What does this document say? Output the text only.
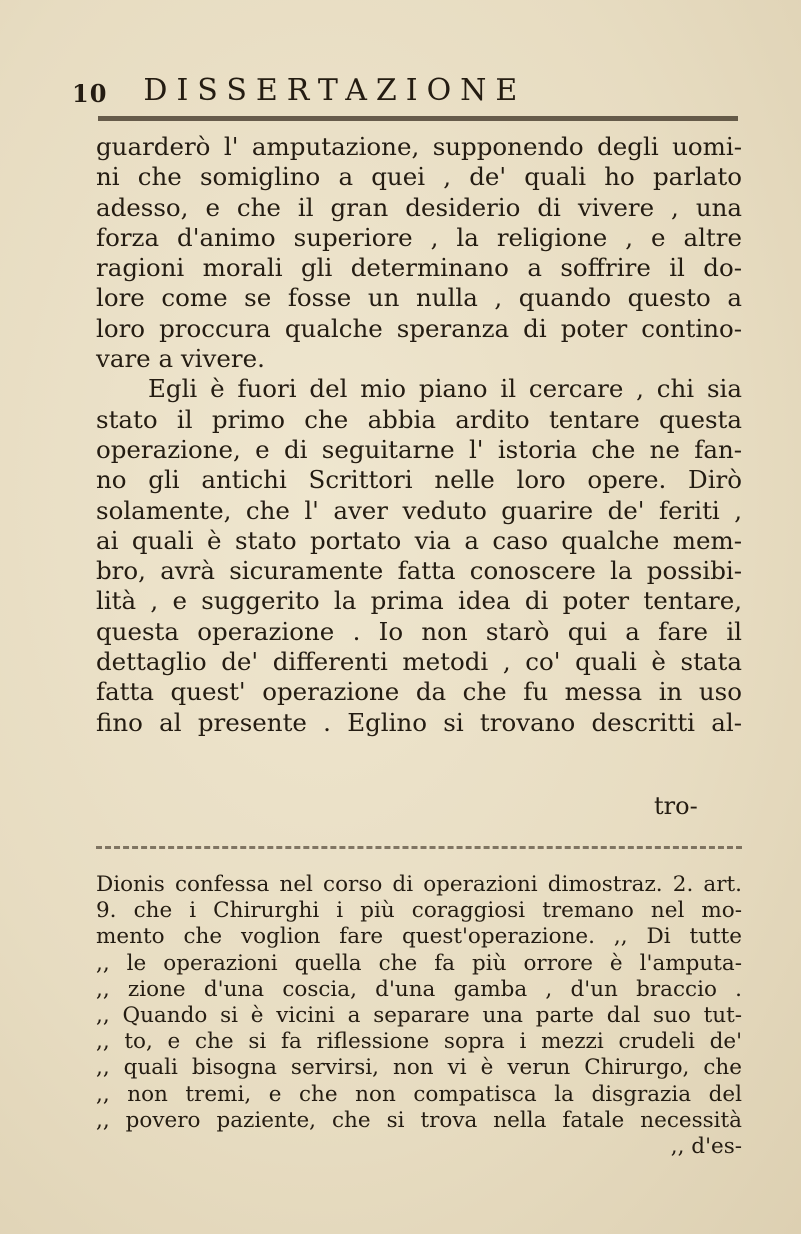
10 DISSERTAZIONE
guarderò l' amputazione, supponendo degli uomi-
ni che somiglino a quei , de' quali ho parlato
adesso, e che il gran desiderio di vivere , una
forza d'animo superiore , la religione , e altre
ragioni morali gli determinano a soffrire il do-
lore come se fosse un nulla , quando questo a
loro proccura qualche speranza di poter contino-
vare a vivere.
Egli è fuori del mio piano il cercare , chi sia
stato il primo che abbia ardito tentare questa
operazione, e di seguitarne l' istoria che ne fan-
no gli antichi Scrittori nelle loro opere. Dirò
solamente, che l' aver veduto guarire de' feriti ,
ai quali è stato portato via a caso qualche mem-
bro, avrà sicuramente fatta conoscere la possibi-
lità , e suggerito la prima idea di poter tentare,
questa operazione . Io non starò qui a fare il
dettaglio de' differenti metodi , co' quali è stata
fatta quest' operazione da che fu messa in uso
fino al presente . Eglino si trovano descritti al-
tro-
Dionis confessa nel corso di operazioni dimostraz. 2. art.
9. che i Chirurghi i più coraggiosi tremano nel mo-
mento che voglion fare quest'operazione. ,, Di tutte
,, le operazioni quella che fa più orrore è l'amputa-
,, zione d'una coscia, d'una gamba , d'un braccio .
,, Quando si è vicini a separare una parte dal suo tut-
,, to, e che si fa riflessione sopra i mezzi crudeli de'
,, quali bisogna servirsi, non vi è verun Chirurgo, che
,, non tremi, e che non compatisca la disgrazia del
,, povero paziente, che si trova nella fatale necessità
,, d'es-
